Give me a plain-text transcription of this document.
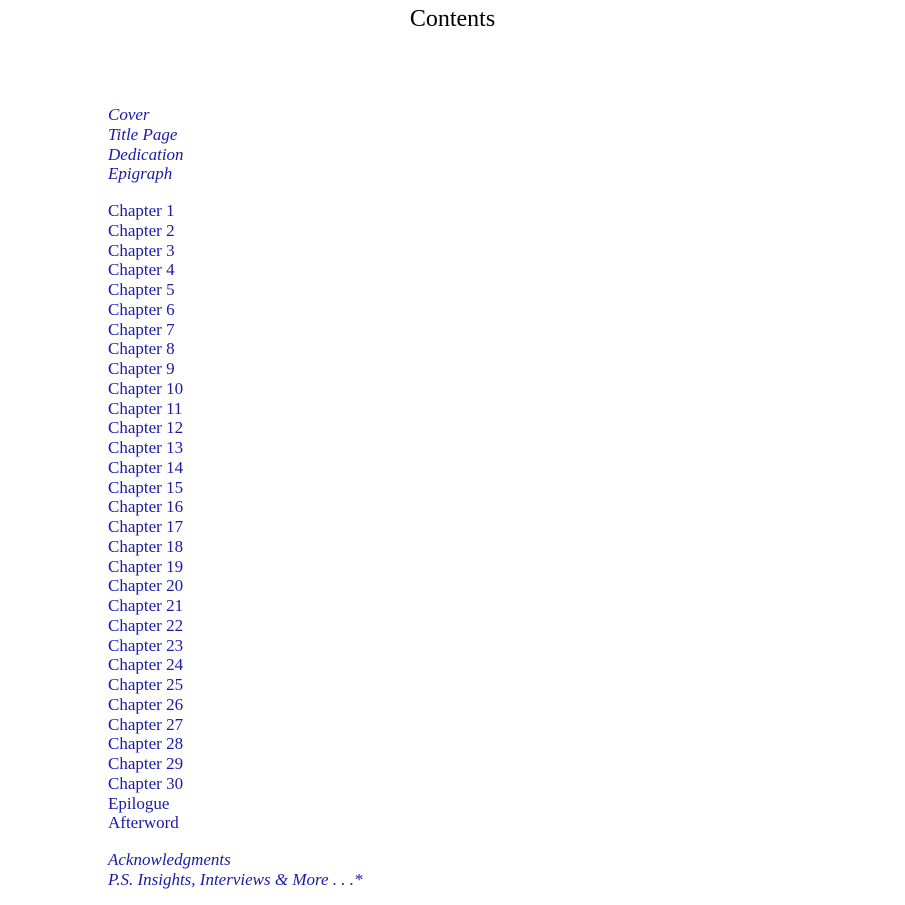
Contents
Cover
Title Page
Dedication
Epigraph
Chapter 1
Chapter 2
Chapter 3
Chapter 4
Chapter 5
Chapter 6
Chapter 7
Chapter 8
Chapter 9
Chapter 10
Chapter 11
Chapter 12
Chapter 13
Chapter 14
Chapter 15
Chapter 16
Chapter 17
Chapter 18
Chapter 19
Chapter 20
Chapter 21
Chapter 22
Chapter 23
Chapter 24
Chapter 25
Chapter 26
Chapter 27
Chapter 28
Chapter 29
Chapter 30
Epilogue
Afterword
Acknowledgments
P.S. Insights, Interviews & More . . .*
